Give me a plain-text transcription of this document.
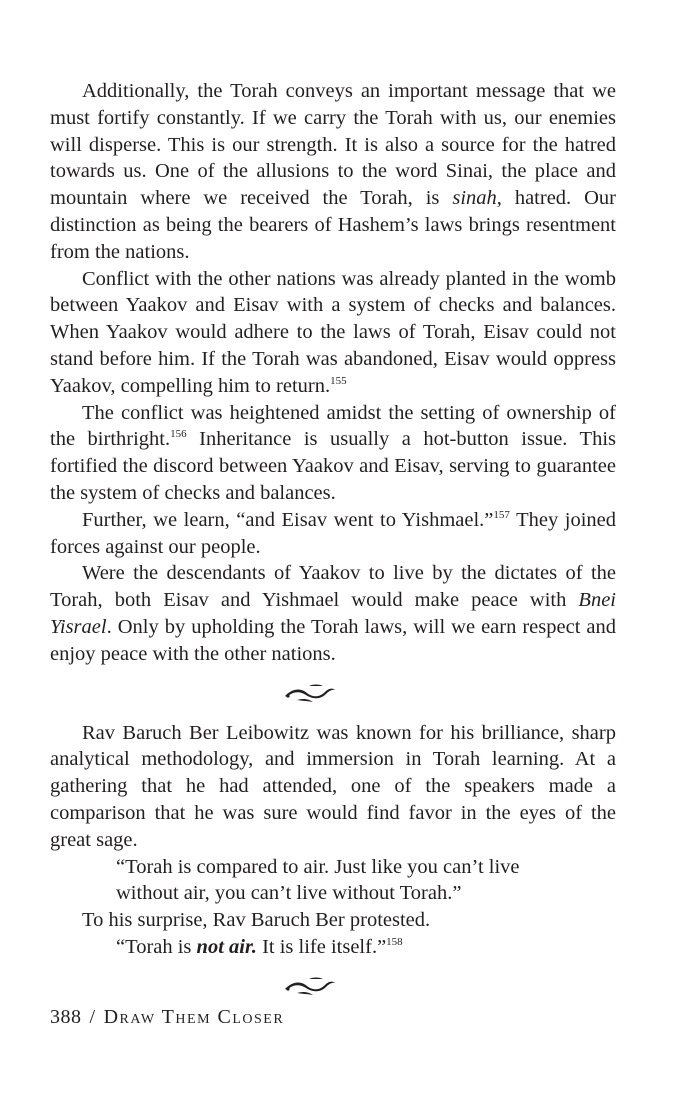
Additionally, the Torah conveys an important message that we must fortify constantly. If we carry the Torah with us, our enemies will disperse. This is our strength. It is also a source for the hatred towards us. One of the allusions to the word Sinai, the place and mountain where we received the Torah, is sinah, hatred. Our distinction as being the bearers of Hashem’s laws brings resentment from the nations.

Conflict with the other nations was already planted in the womb between Yaakov and Eisav with a system of checks and balances. When Yaakov would adhere to the laws of Torah, Eisav could not stand before him. If the Torah was abandoned, Eisav would oppress Yaakov, compelling him to return.$^{155}$

The conflict was heightened amidst the setting of ownership of the birthright.$^{156}$ Inheritance is usually a hot-button issue. This fortified the discord between Yaakov and Eisav, serving to guarantee the system of checks and balances.

Further, we learn, “and Eisav went to Yishmael.”$^{157}$ They joined forces against our people.

Were the descendants of Yaakov to live by the dictates of the Torah, both Eisav and Yishmael would make peace with Bnei Yisrael. Only by upholding the Torah laws, will we earn respect and enjoy peace with the other nations.

Rav Baruch Ber Leibowitz was known for his brilliance, sharp analytical methodology, and immersion in Torah learning. At a gathering that he had attended, one of the speakers made a comparison that he was sure would find favor in the eyes of the great sage.

“Torah is compared to air. Just like you can’t live
without air, you can’t live without Torah.”

To his surprise, Rav Baruch Ber protested.

“Torah is not air. It is life itself.”$^{158}$
388 / Draw Them Closer
